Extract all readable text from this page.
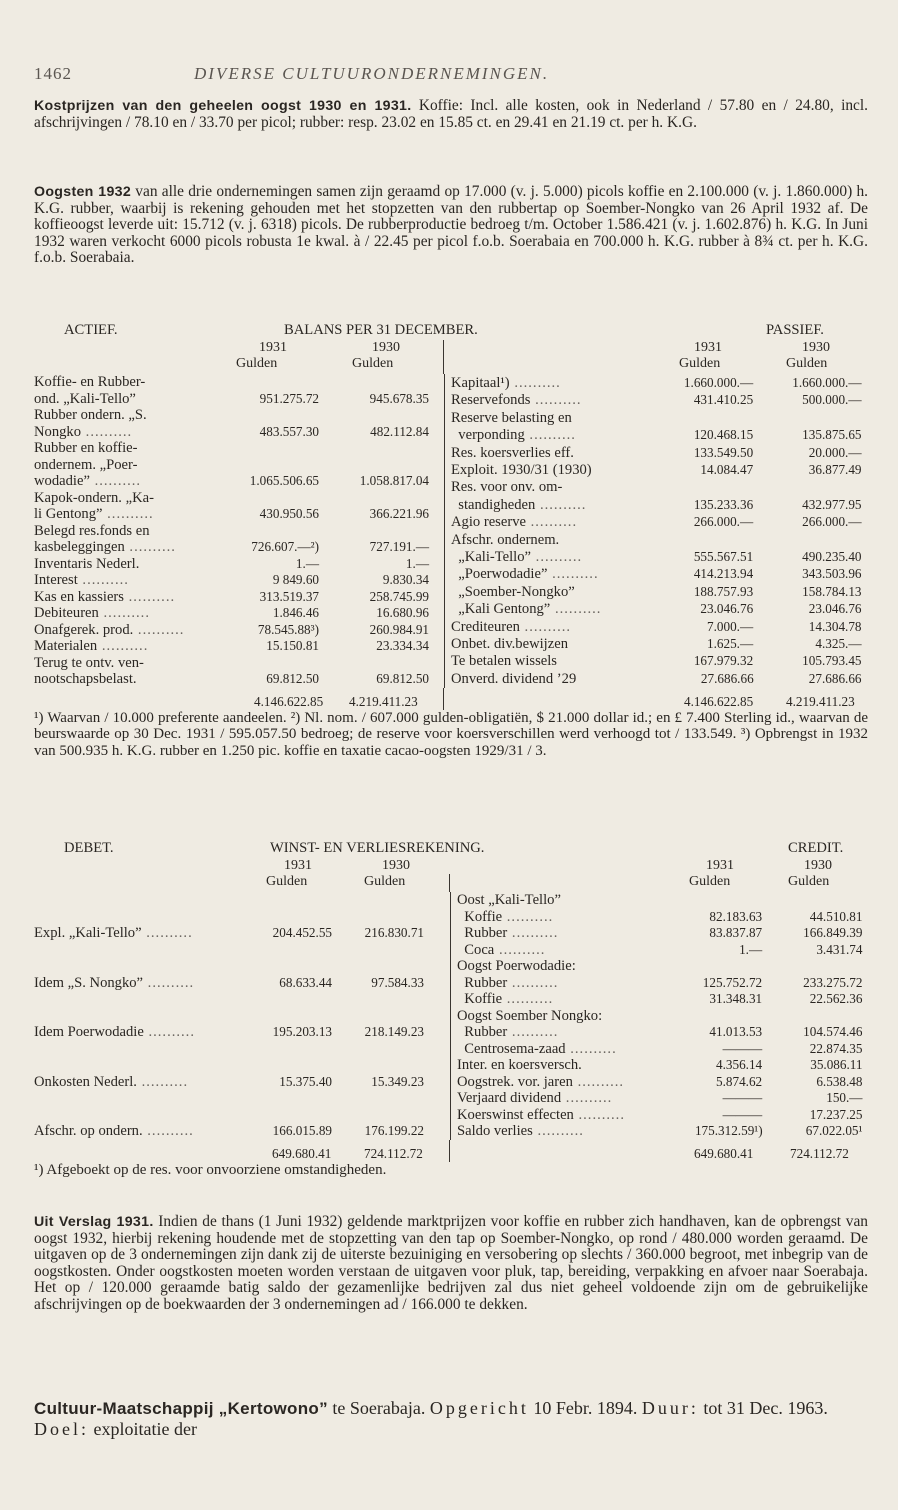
1462	DIVERSE CULTUURONDERNEMINGEN.

Kostprijzen van den geheelen oogst 1930 en 1931. Koffie: Incl. alle kosten, ook in Nederland / 57.80 en / 24.80, incl. afschrijvingen / 78.10 en / 33.70 per picol; rubber: resp. 23.02 en 15.85 ct. en 29.41 en 21.19 ct. per h. K.G.

Oogsten 1932 van alle drie ondernemingen samen zijn geraamd op 17.000 (v. j. 5.000) picols koffie en 2.100.000 (v. j. 1.860.000) h. K.G. rubber, waarbij is rekening gehouden met het stopzetten van den rubbertap op Soember-Nongko van 26 April 1932 af. De koffieoogst leverde uit: 15.712 (v. j. 6318) picols. De rubberproductie bedroeg t/m. October 1.586.421 (v. j. 1.602.876) h. K.G. In Juni 1932 waren verkocht 6000 picols robusta 1e kwal. à / 22.45 per picol f.o.b. Soerabaia en 700.000 h. K.G. rubber à 8¾ ct. per h. K.G. f.o.b. Soerabaia.

ACTIEF.	BALANS PER 31 DECEMBER.	PASSIEF.
1931	1930
Gulden	Gulden
1931	1930
Gulden	Gulden
Koffie- en Rubber-			
ond. „Kali-Tello”	951.275.72	945.678.35	
Rubber ondern. „S.			
Nongko ..........	483.557.30	482.112.84	
Rubber en koffie-			
ondernem. „Poer-			
wodadie” ..........	1.065.506.65	1.058.817.04	
Kapok-ondern. „Ka-			
li Gentong” ..........	430.950.56	366.221.96	
Belegd res.fonds en			
kasbeleggingen ..........	726.607.—²)	727.191.—	
Inventaris Nederl.	1.—	1.—	
Interest ..........	9 849.60	9.830.34	
Kas en kassiers ..........	313.519.37	258.745.99	
Debiteuren ..........	1.846.46	16.680.96	
Onafgerek. prod. ..........	78.545.88³)	260.984.91	
Materialen ..........	15.150.81	23.334.34	
Terug te ontv. ven-			
nootschapsbelast.	69.812.50	69.812.50	

Kapitaal¹) ..........	1.660.000.—	1.660.000.—	
Reservefonds ..........	431.410.25	500.000.—	
Reserve belasting en			
verponding ..........	120.468.15	135.875.65	
Res. koersverlies eff.	133.549.50	20.000.—	
Exploit. 1930/31 (1930)	14.084.47	36.877.49	
Res. voor onv. om-			
standigheden ..........	135.233.36	432.977.95	
Agio reserve ..........	266.000.—	266.000.—	
Afschr. ondernem.			
„Kali-Tello” ..........	555.567.51	490.235.40	
„Poerwodadie” ..........	414.213.94	343.503.96	
„Soember-Nongko”	188.757.93	158.784.13	
„Kali Gentong” ..........	23.046.76	23.046.76	
Crediteuren ..........	7.000.—	14.304.78	
Onbet. div.bewijzen	1.625.—	4.325.—	
Te betalen wissels	167.979.32	105.793.45	
Onverd. dividend ’29	27.686.66	27.686.66	
4.146.622.85 4.219.411.23	4.146.622.85 4.219.411.23
¹) Waarvan / 10.000 preferente aandeelen. ²) Nl. nom. / 607.000 gulden-obligatiën, $ 21.000 dollar id.; en £ 7.400 Sterling id., waarvan de beurswaarde op 30 Dec. 1931 / 595.057.50 bedroeg; de reserve voor koersverschillen werd verhoogd tot / 133.549. ³) Opbrengst in 1932 van 500.935 h. K.G. rubber en 1.250 pic. koffie en taxatie cacao-oogsten 1929/31 / 3.
DEBET.	WINST- EN VERLIESREKENING.	CREDIT.
1931	1930
Gulden	Gulden
1931	1930
Gulden	Gulden
Expl. „Kali-Tello” ..........	204.452.55	216.830.71	
Idem „S. Nongko” ..........	68.633.44	97.584.33	
Idem Poerwodadie ..........	195.203.13	218.149.23	
Onkosten Nederl. ..........	15.375.40	15.349.23	
Afschr. op ondern. ..........	166.015.89	176.199.22	
Oost „Kali-Tello”			
Koffie ..........	82.183.63	44.510.81	
Rubber ..........	83.837.87	166.849.39	
Coca ..........	1.—	3.431.74	
Oogst Poerwodadie:			
Rubber ..........	125.752.72	233.275.72	
Koffie ..........	31.348.31	22.562.36	
Oogst Soember Nongko:			
Rubber ..........	41.013.53	104.574.46	
Centrosema-zaad ..........	———	22.874.35	
Inter. en koersversch.	4.356.14	35.086.11	
Oogstrek. vor. jaren ..........	5.874.62	6.538.48	
Verjaard dividend ..........	———	150.—	
Koerswinst effecten ..........	———	17.237.25	
Saldo verlies ..........	175.312.59¹)	67.022.05¹	
649.680.41 724.112.72	649.680.41	724.112.72
¹) Afgeboekt op de res. voor onvoorziene omstandigheden.

Uit Verslag 1931. Indien de thans (1 Juni 1932) geldende marktprijzen voor koffie en rubber zich handhaven, kan de opbrengst van oogst 1932, hierbij rekening houdende met de stopzetting van den tap op Soember-Nongko, op rond / 480.000 worden geraamd. De uitgaven op de 3 ondernemingen zijn dank zij de uiterste bezuiniging en versobering op slechts / 360.000 begroot, met inbegrip van de oogstkosten. Onder oogstkosten moeten worden verstaan de uitgaven voor pluk, tap, bereiding, verpakking en afvoer naar Soerabaja. Het op / 120.000 geraamde batig saldo der gezamenlijke bedrijven zal dus niet geheel voldoende zijn om de gebruikelijke afschrijvingen op de boekwaarden der 3 ondernemingen ad / 166.000 te dekken.

Cultuur-Maatschappij „Kertowono” te Soerabaja. Opgericht 10 Febr. 1894. Duur: tot 31 Dec. 1963. Doel: exploitatie der
